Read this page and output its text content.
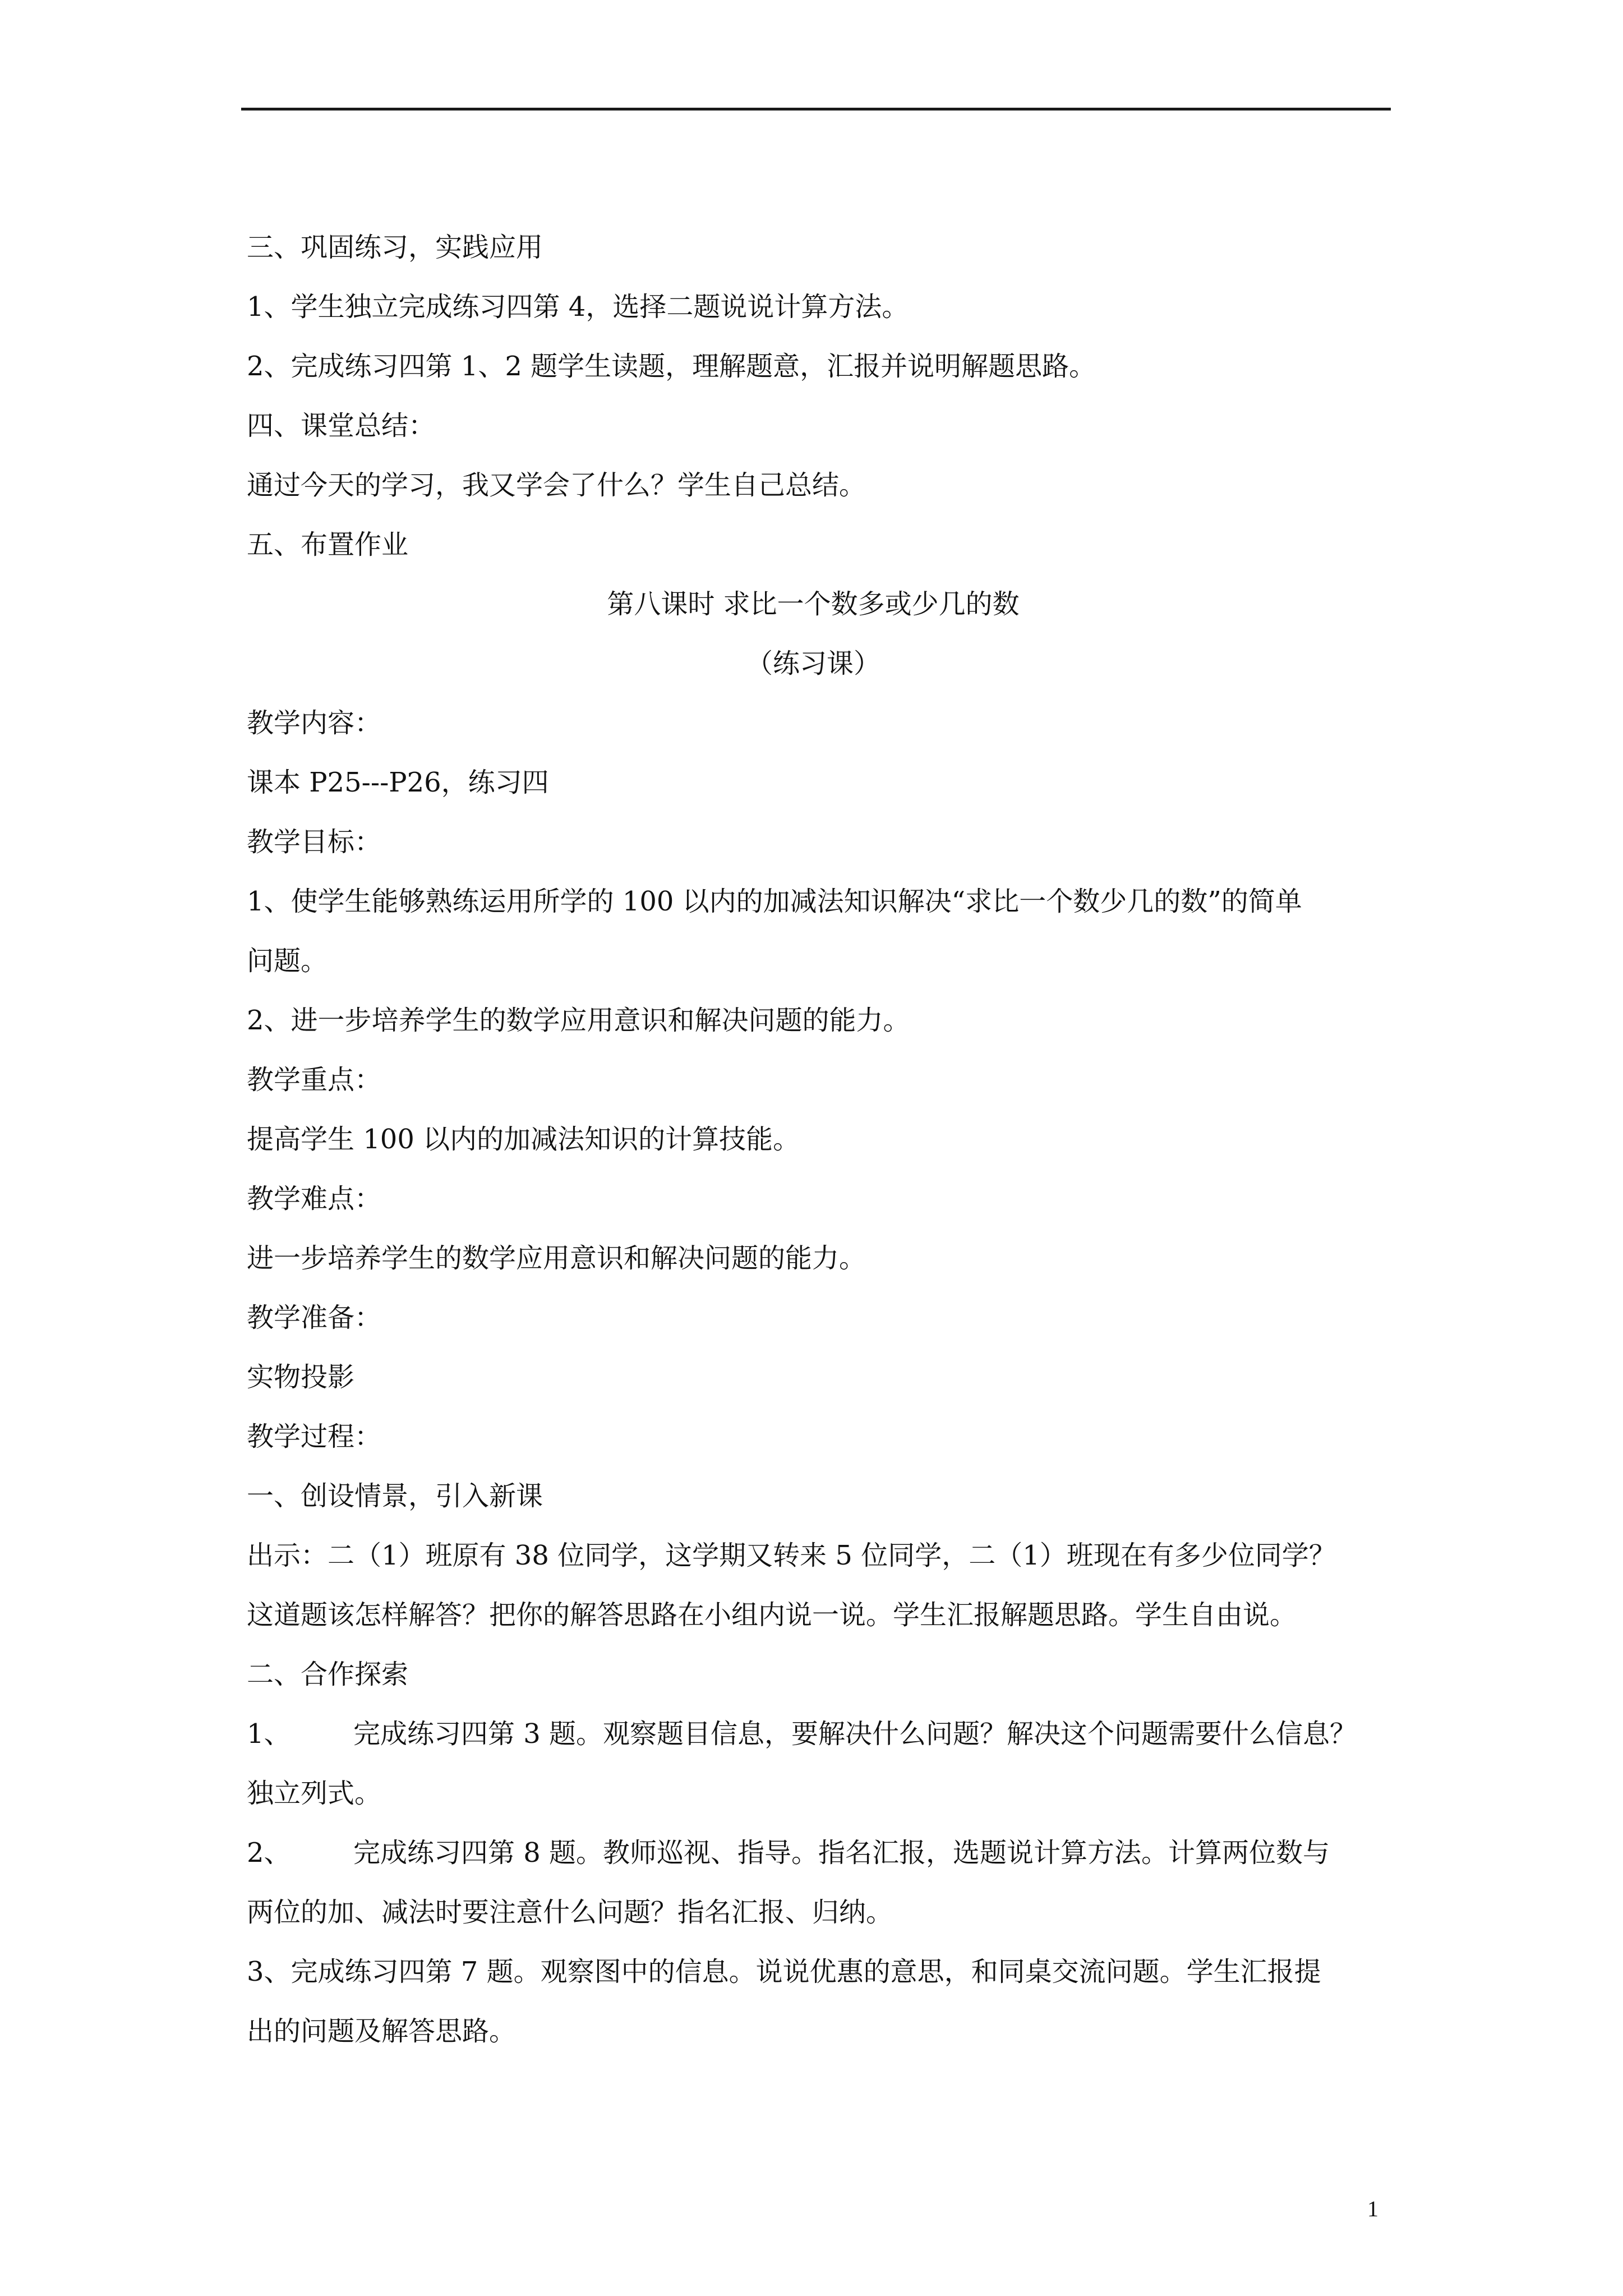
三、巩固练习，实践应用
1、学生独立完成练习四第 4，选择二题说说计算方法。
2、完成练习四第 1、2 题学生读题，理解题意，汇报并说明解题思路。
四、课堂总结：
通过今天的学习，我又学会了什么？学生自己总结。
五、布置作业
第八课时 求比一个数多或少几的数
（练习课）
教学内容：
课本 P25---P26，练习四
教学目标：
1、使学生能够熟练运用所学的 100 以内的加减法知识解决“求比一个数少几的数”的简单
问题。
2、进一步培养学生的数学应用意识和解决问题的能力。
教学重点：
提高学生 100 以内的加减法知识的计算技能。
教学难点：
进一步培养学生的数学应用意识和解决问题的能力。
教学准备：
实物投影
教学过程：
一、创设情景，引入新课
出示：二（1）班原有 38 位同学，这学期又转来 5 位同学，二（1）班现在有多少位同学？
这道题该怎样解答？把你的解答思路在小组内说一说。学生汇报解题思路。学生自由说。
二、合作探索
1、 完成练习四第 3 题。观察题目信息，要解决什么问题？解决这个问题需要什么信息？
独立列式。
2、 完成练习四第 8 题。教师巡视、指导。指名汇报，选题说计算方法。计算两位数与
两位的加、减法时要注意什么问题？指名汇报、归纳。
3、完成练习四第 7 题。观察图中的信息。说说优惠的意思，和同桌交流问题。学生汇报提
出的问题及解答思路。
1
